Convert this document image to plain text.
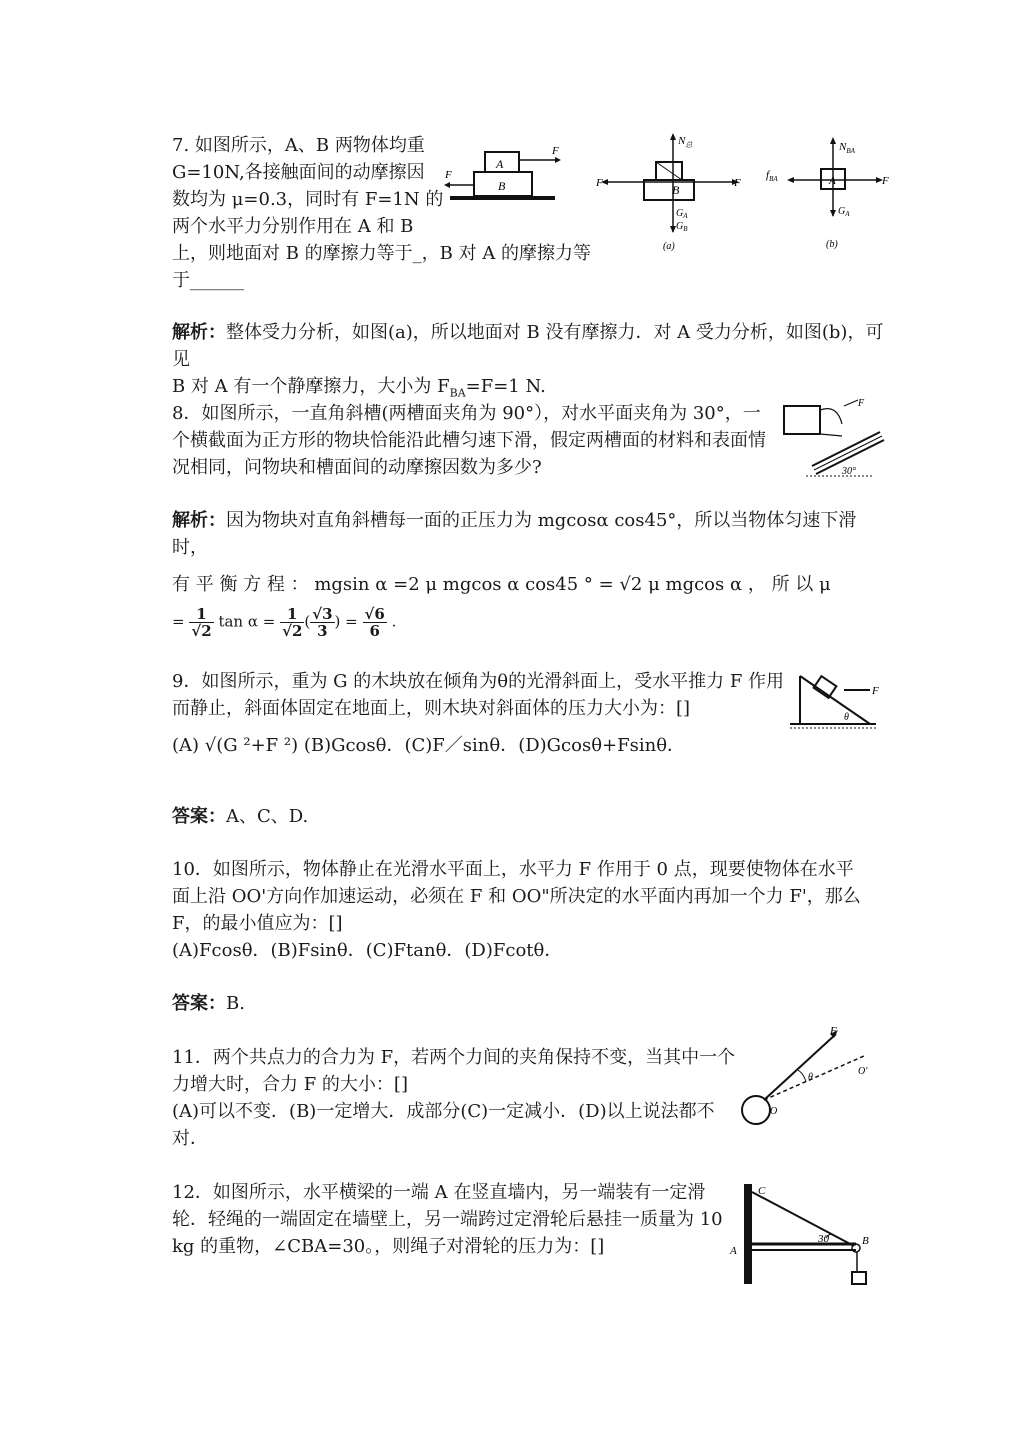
7. 如图所示，A、B 两物体均重

G=10N,各接触面间的动摩擦因

数均为 μ=0.3，同时有 F=1N 的

两个水平力分别作用在 A 和 B

上，则地面对 B 的摩擦力等于_，B 对 A 的摩擦力等

于______

A
B
F
F
$N_总$
B
F	F
$G_A$
$G_B$
(a)
$N_{BA}$
$f_{BA}$	A	F
$G_A$
(b)

解析：整体受力分析，如图(a)，所以地面对 B 没有摩擦力．对 A 受力分析，如图(b)，可见

B 对 A 有一个静摩擦力，大小为 $F_{BA}=F=1$ N.

8．如图所示，一直角斜槽(两槽面夹角为 90°），对水平面夹角为 30°，一

个横截面为正方形的物块恰能沿此槽匀速下滑，假定两槽面的材料和表面情

况相同，问物块和槽面间的动摩擦因数为多少?

F
30°

解析：因为物块对直角斜槽每一面的正压力为 mgcosα cos45°，所以当物体匀速下滑时，

有 平 衡 方 程 ： mgsin α =2 μ mgcos α cos45 ° = √2 μ mgcos α ， 所 以 μ

= $\frac{1}{√2}$ $\tan \alpha = \frac{1}{√2}$ ( $\frac{√3}{3}$ ) = $\frac{√6}{6}$ .

9．如图所示，重为 G 的木块放在倾角为θ的光滑斜面上，受水平推力 F 作用

而静止，斜面体固定在地面上，则木块对斜面体的压力大小为：[]

(A) √(G ²+F ²) (B)Gcosθ．(C)F／sinθ．(D)Gcosθ+Fsinθ．

F
θ

答案：A、C、D.

10．如图所示，物体静止在光滑水平面上，水平力 F 作用于 0 点，现要使物体在水平

面上沿 OO'方向作加速运动，必须在 F 和 OO"所决定的水平面内再加一个力 F'，那么

F，的最小值应为：[]

(A)Fcosθ．(B)Fsinθ．(C)Ftanθ．(D)Fcotθ．

答案：B.

11．两个共点力的合力为 F，若两个力间的夹角保持不变，当其中一个

力增大时，合力 F 的大小：[]

(A)可以不变．(B)一定增大．成部分(C)一定减小．(D)以上说法都不对．

F
θ
O
O'

12．如图所示，水平横梁的一端 A 在竖直墙内，另一端装有一定滑

轮．轻绳的一端固定在墙壁上，另一端跨过定滑轮后悬挂一质量为 10

kg 的重物，∠CBA=30。，则绳子对滑轮的压力为：[]

C
A
B
30
